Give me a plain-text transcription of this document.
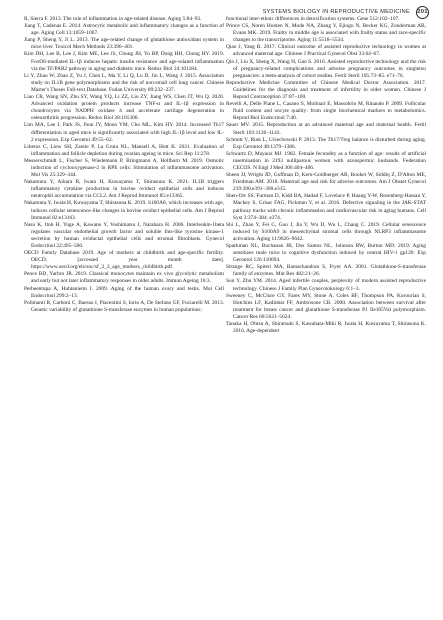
SYSTEMS BIOLOGY IN REPRODUCTIVE MEDICINE 201

R, Sierra F. 2013. The role of inflammation in age-related disease. Aging 5:84–93.

Jiang T, Cadenas E. 2014. Astrocytic metabolic and inflammatory changes as a function of age. Aging Cell 13:1059–1067.

Jiang P, Sheng Y, Ji L. 2013. The age-related change of glutathione antioxidant system in mice liver. Toxicol Mech Methods 23:396–401.

Kim DH, Lee B, Lee J, Kim ME, Lee JS, Chung JH, Yu BP, Dong HH, Chung HY. 2019. FoxO6-mediated IL-1β induces hepatic insulin resistance and age-related inflammation via the TF/PAR2 pathway in aging and diabetic mice. Redox Biol 24:101184.

Li Y, Zhao W, Zhao Z, Yu J, Chen L, Ma Y, Li Q, Lu D, Jin L, Wang J. 2015. Association study on IL1B gene polymorphisms and the risk of non-small cell lung cancer. Chinese Master's Theses Full-text Database. Fudan University 89:232–237.

Liao CR, Wang SN, Zhu SY, Wang YQ, Li ZZ, Liu ZY, Jiang WS, Chen JT, Wu Q. 2020. Advanced oxidation protein products increase TNF-α and IL-1β expression in chondrocytes via NADPH oxidase 4 and accelerate cartilage degeneration in osteoarthritis progression. Redox Biol 28:101306.

Lim MA, Lee J, Park JS, Jhun JY, Moon YM, Cho ML, Kim HY. 2014. Increased Th17 differentiation in aged mice is significantly associated with high IL-1β level and low IL-2 expression. Exp Gerontol 49:55–62.

Liberos C, Liew SH, Zareie P, La Gruta NL, Mansell A, Hutt K. 2021. Evaluation of inflammation and follicle depletion during ovarian ageing in mice. Sci Rep 11:278.

Messerschmidt L, Fischer S, Wiedemann P, Bringmann A, Hollborn M. 2019. Osmotic induction of cyclooxygenase-2 in RPE cells: Stimulation of inflammasome activation. Mol Vis 25:329–344.

Nakamura Y, Aihara R, Iwata H, Kuwayama T, Shirasuna K. 2021. IL1B triggers inflammatory cytokine production in bovine oviduct epithelial cells and induces neutrophil accumulation via CCL2. Am J Reprod Immunol 85:e13365.

Nakamura Y, Iwata H, Kuwayama T, Shirasuna K. 2019. S100A8, which increases with age, induces cellular senescence-like changes in bovine oviduct epithelial cells. Am J Reprod Immunol 82:e13163.

Nasu K, Itoh H, Yuge A, Kawano Y, Yoshimatsu J, Narahara H. 2006. Interleukin-1beta regulates vascular endothelial growth factor and soluble fms-like tyrosine kinase-1 secretion by human oviductal epithelial cells and stromal fibroblasts. Gynecol Endocrinol 22:495–500.

OECD Family Database 2019. Age of mothers at childbirth and age-specific fertility. OECD; [accessed year month date]. https://www.oecd.org/els/soc/sf_2_3_age_mothers_childbirth.pdf.

Pence BD, Yarbro JR. 2019. Classical monocytes maintain ex vivo glycolytic metabolism and early but not later inflammatory responses in older adults. Immun Ageing 16:3.

Perheentupa A, Huhtaniemi I. 2009. Aging of the human ovary and testis. Mol Cell Endocrinol 299:2–13.

Polimanti R, Carboni C, Baesso I, Piacentini S, Iorio A, De Stefano GF, Fuciarelli M. 2013. Genetic variability of glutathione S-transferase enzymes in human populations:

functional inter-ethnic differences in detoxification systems. Gene 512:102–107.

Prince CS, Noren Hooten N, Mode NA, Zhang Y, Ejiogu N, Becker KG, Zonderman AB, Evans MK. 2019. Frailty in middle age is associated with frailty status and race-specific changes to the transcriptome. Aging 11:5518–5534.

Qiao J, Yang R. 2017. Clinical outcome of assisted reproductive technology in women at advanced maternal age. Chinese J Practical Gynecol Obst 33:64–67.

Qin J, Liu X, Sheng X, Wang H, Gao S. 2016. Assisted reproductive technology and the risk of pregnancy-related complications and adverse pregnancy outcomes in singleton pregnancies: a meta-analysis of cohort studies. Fertil Steril 105:73–85. e71–76.

Reproductive Medicine Committee of Chinese Medical Doctor Association. 2017. Guidelines for the diagnosis and treatment of infertility in older women. Chinese J Reprod Contraception 37:87–100.

Revelli A, Delle Piane L, Casano S, Molinari E, Massobrio M, Rinaudo P. 2009. Follicular fluid content and oocyte quality: from single biochemical markers to metabolomics. Reprod Biol Endocrinol 7:40.

Sauer MV. 2015. Reproduction at an advanced maternal age and maternal health. Fertil Steril 103:1136–1143.

Schmitt V, Rink L, Uciechowski P. 2013. The Th17/Treg balance is disturbed during aging. Exp Gerontol 48:1379–1386.

Schwartz D, Mayaux MJ. 1982. Female fecundity as a function of age: results of artificial insemination in 2193 nulliparous women with azoospermic husbands. Federation CECOS. N Engl J Med 306:404–406.

Sheen JJ, Wright JD, Goffman D, Kern-Goldberger AR, Booker W, Siddiq Z, D'Alton ME, Friedman AM. 2018. Maternal age and risk for adverse outcomes. Am J Obstet Gynecol 219:390.e391–390.e315.

Shen-Orr SS, Furman D, Kidd BA, Hadad F, Lovelace P, Huang Y-W, Rosenberg-Hassan Y, Mackey S, Grisar FAG, Pickman Y, et al. 2016. Defective signaling in the JAK-STAT pathway tracks with chronic inflammation and cardiovascular risk in aging humans. Cell Syst 3:374–384. e374.

Shi L, Zhao Y, Fei C, Guo J, Jia Y, Wu D, Wu L, Chang C. 2019. Cellular senescence induced by S100A9 in mesenchymal stromal cells through NLRP3 inflammasome activation. Aging 11:9626–9642.

Sparkman NL, Buchanan JB, Dos Santos NL, Johnson RW, Burton MD. 2019. Aging sensitizes male mice to cognitive dysfunction induced by central HIV-1 gp120. Exp Gerontol 126:110694.

Strange RC, Spiteri MA, Ramachandran S, Fryer AA. 2001. Glutathione-S-transferase family of enzymes. Mut Res 482:21–26.

Sun Y, Zhu YM. 2014. Aged infertile couples, perplexity of modern assisted reproductive technology. Chinese J Family Plan Gynecotokology 6:1–3.

Sweeney C, McClure GY, Fares MY, Stone A, Coles BF, Thompson PA, Korourian S, Hutchins LF, Kadlubar FF, Ambrosone CB. 2000. Association between survival after treatment for breast cancer and glutathione S-transferase P1 Ile105Val polymorphism. Cancer Res 60:5621–5624.

Tanaka H, Ohtsu A, Shiratsuki S, Kawahara-Miki R, Iwata H, Kuwayama T, Shirasuna K. 2016. Age-dependent
